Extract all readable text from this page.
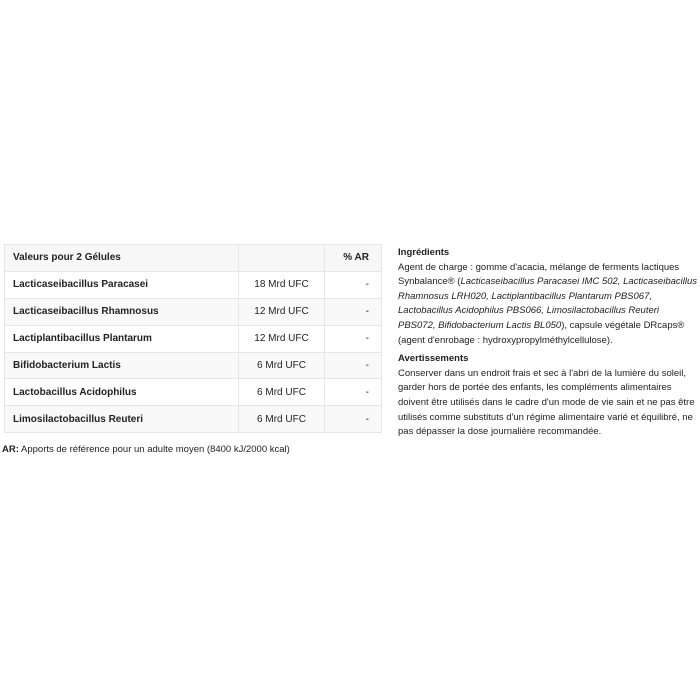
Valeurs pour 2 Gélules		% AR
Lacticaseibacillus Paracasei	18 Mrd UFC	-
Lacticaseibacillus Rhamnosus	12 Mrd UFC	-
Lactiplantibacillus Plantarum	12 Mrd UFC	-
Bifidobacterium Lactis	6 Mrd UFC	-
Lactobacillus Acidophilus	6 Mrd UFC	-
Limosilactobacillus Reuteri	6 Mrd UFC	-
AR: Apports de référence pour un adulte moyen (8400 kJ/2000 kcal)
Ingrédients

Agent de charge : gomme d'acacia, mélange de ferments lactiques Synbalance® (Lacticaseibacillus Paracasei IMC 502, Lacticaseibacillus Rhamnosus LRH020, Lactiplantibacillus Plantarum PBS067, Lactobacillus Acidophilus PBS066, Limosilactobacillus Reuteri PBS072, Bifidobacterium Lactis BL050), capsule végétale DRcaps® (agent d'enrobage : hydroxypropylméthylcellulose).

Avertissements

Conserver dans un endroit frais et sec à l'abri de la lumière du soleil, garder hors de portée des enfants, les compléments alimentaires doivent être utilisés dans le cadre d'un mode de vie sain et ne pas être utilisés comme substituts d'un régime alimentaire varié et équilibré, ne pas dépasser la dose journalière recommandée.
